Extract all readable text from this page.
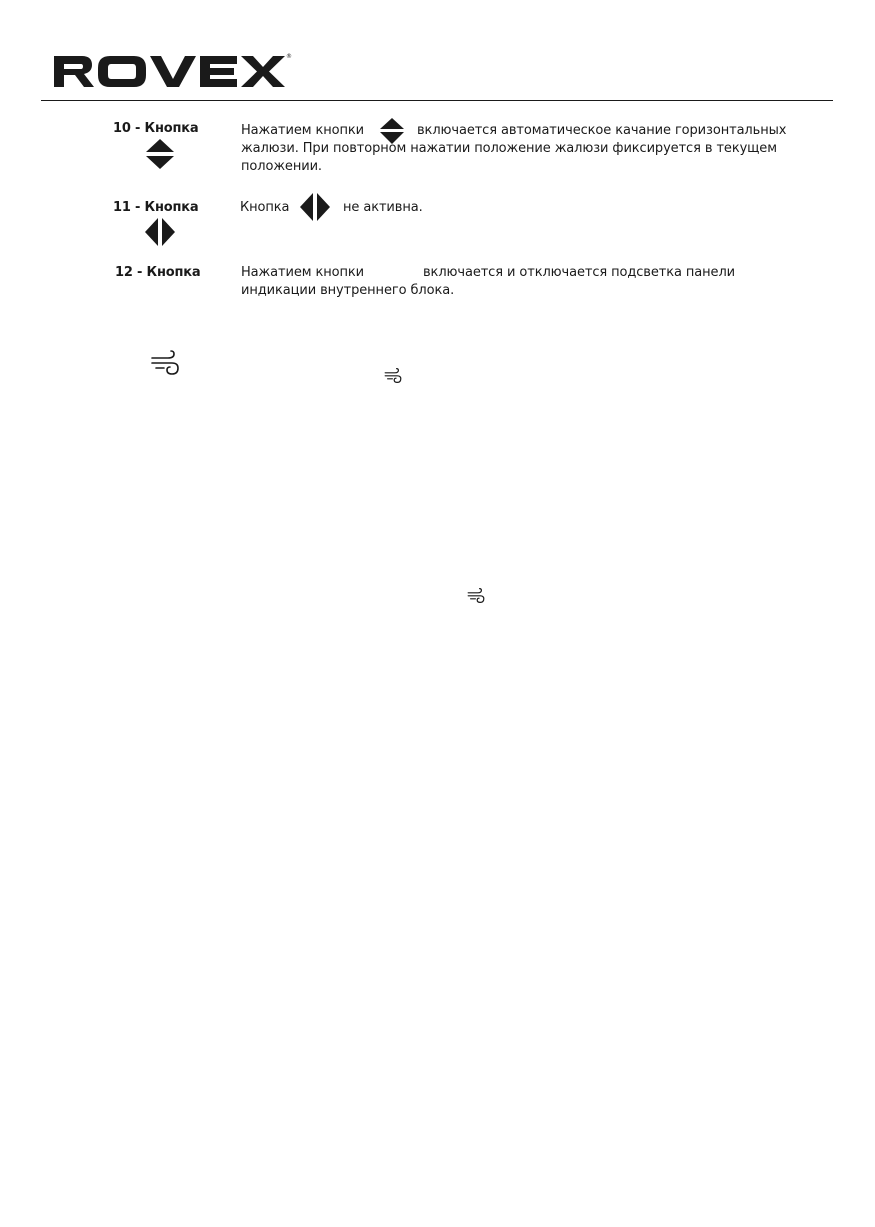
®
10 - Кнопка	Нажатием кнопки	включается автоматическое качание горизонтальных
жалюзи. При повторном нажатии положение жалюзи фиксируется в текущем
положении.
11 - Кнопка	Кнопка	не активна.
12 - Кнопка	Нажатием кнопки	включается и отключается подсветка панели
индикации внутреннего блока.
